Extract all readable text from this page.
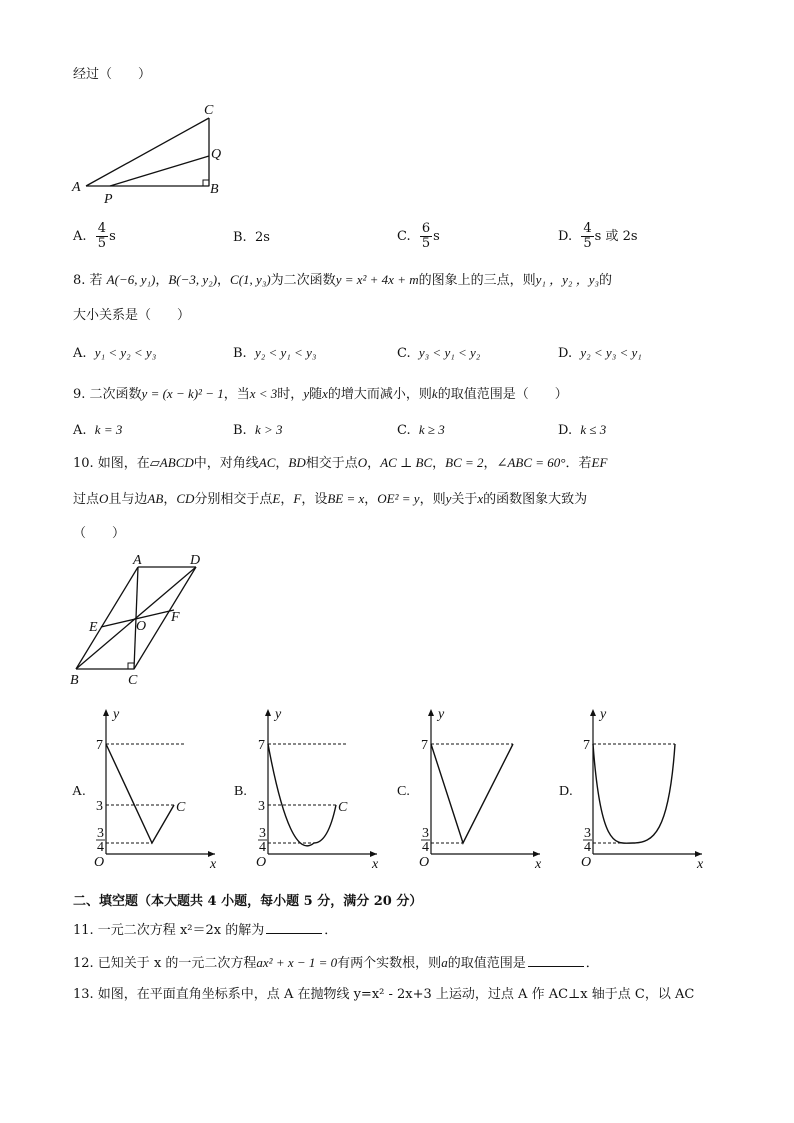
经过（　　）
C
Q
A
P
B
A. $\frac{4}{5}$ s	B. 2s	C. $\frac{6}{5}$ s	D. $\frac{4}{5}$ s 或 2s
8. 若 A(−6, y₁)，B(−3, y₂)，C(1, y₃)为二次函数y = x² + 4x + m的图象上的三点，则y₁ ，y₂ ，y₃的
大小关系是（　　）
A. y₁ < y₂ < y₃	B. y₂ < y₁ < y₃	C. y₃ < y₁ < y₂	D. y₂ < y₃ < y₁
9. 二次函数y = (x − k)² − 1，当x < 3时，y随x的增大而减小，则k的取值范围是（　　）
A. k = 3	B. k > 3	C. k ≥ 3	D. k ≤ 3
10. 如图，在▱ABCD中，对角线AC，BD相交于点O，AC ⊥ BC，BC = 2，∠ABC = 60°．若EF
过点O且与边AB，CD分别相交于点E，F，设BE = x，OE² = y，则y关于x的函数图象大致为
（　　）
A	D
E	O
F
B	C
A.
7
3	C
3
4
O	x
y
B.
7
3	C
3
4
O	x
y
C.
7
3
4
O	x
y
D.
7
3
4
O	x
y
二、填空题（本大题共 4 小题，每小题 5 分，满分 20 分）
11. 一元二次方程 x²＝2x 的解为	．
12. 已知关于 x 的一元二次方程ax² + x − 1 = 0有两个实数根，则a的取值范围是	．
13. 如图，在平面直角坐标系中，点 A 在抛物线 y=x² - 2x+3 上运动，过点 A 作 AC⊥x 轴于点 C，以 AC
